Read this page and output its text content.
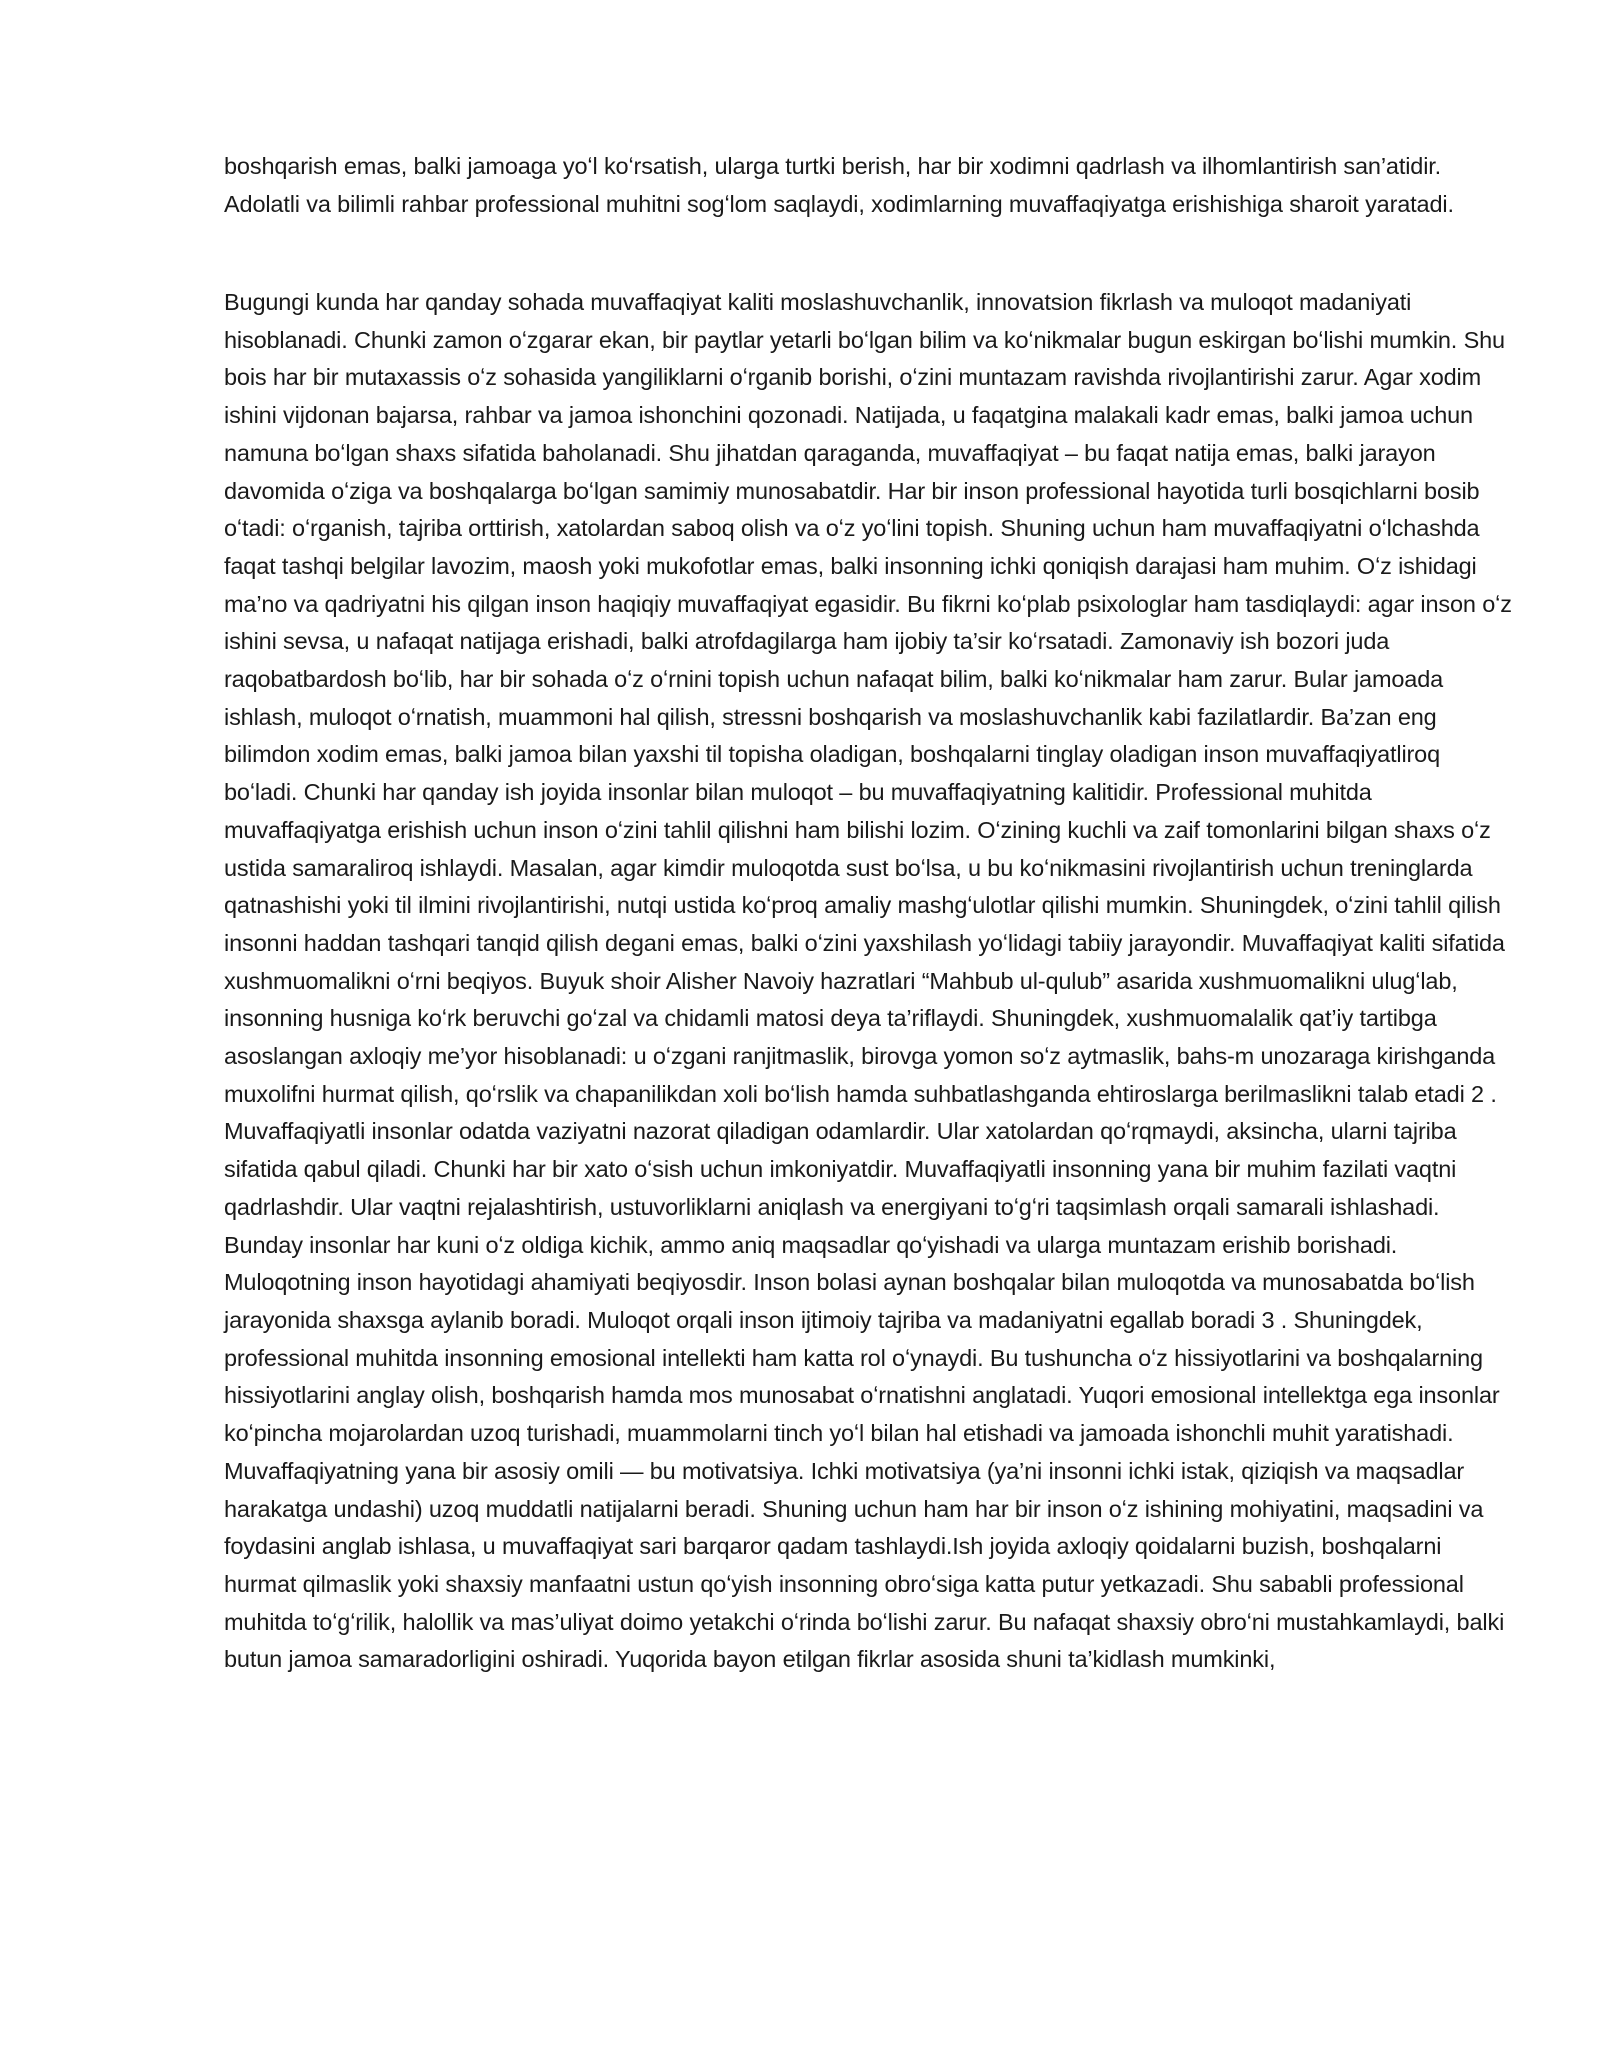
boshqarish emas, balki jamoaga yoʻl koʻrsatish, ularga turtki berish, har bir xodimni qadrlash va ilhomlantirish san’atidir. Adolatli va bilimli rahbar professional muhitni sogʻlom saqlaydi, xodimlarning muvaffaqiyatga erishishiga sharoit yaratadi.

Bugungi kunda har qanday sohada muvaffaqiyat kaliti moslashuvchanlik, innovatsion fikrlash va muloqot madaniyati hisoblanadi. Chunki zamon oʻzgarar ekan, bir paytlar yetarli boʻlgan bilim va koʻnikmalar bugun eskirgan boʻlishi mumkin. Shu bois har bir mutaxassis oʻz sohasida yangiliklarni oʻrganib borishi, oʻzini muntazam ravishda rivojlantirishi zarur. Agar xodim ishini vijdonan bajarsa, rahbar va jamoa ishonchini qozonadi. Natijada, u faqatgina malakali kadr emas, balki jamoa uchun namuna boʻlgan shaxs sifatida baholanadi. Shu jihatdan qaraganda, muvaffaqiyat – bu faqat natija emas, balki jarayon davomida oʻziga va boshqalarga boʻlgan samimiy munosabatdir. Har bir inson professional hayotida turli bosqichlarni bosib oʻtadi: oʻrganish, tajriba orttirish, xatolardan saboq olish va oʻz yoʻlini topish. Shuning uchun ham muvaffaqiyatni oʻlchashda faqat tashqi belgilar lavozim, maosh yoki mukofotlar emas, balki insonning ichki qoniqish darajasi ham muhim. Oʻz ishidagi ma’no va qadriyatni his qilgan inson haqiqiy muvaffaqiyat egasidir. Bu fikrni koʻplab psixologlar ham tasdiqlaydi: agar inson oʻz ishini sevsa, u nafaqat natijaga erishadi, balki atrofdagilarga ham ijobiy ta’sir koʻrsatadi. Zamonaviy ish bozori juda raqobatbardosh boʻlib, har bir sohada oʻz oʻrnini topish uchun nafaqat bilim, balki koʻnikmalar ham zarur. Bular jamoada ishlash, muloqot oʻrnatish, muammoni hal qilish, stressni boshqarish va moslashuvchanlik kabi fazilatlardir. Ba’zan eng bilimdon xodim emas, balki jamoa bilan yaxshi til topisha oladigan, boshqalarni tinglay oladigan inson muvaffaqiyatliroq boʻladi. Chunki har qanday ish joyida insonlar bilan muloqot – bu muvaffaqiyatning kalitidir. Professional muhitda muvaffaqiyatga erishish uchun inson oʻzini tahlil qilishni ham bilishi lozim. Oʻzining kuchli va zaif tomonlarini bilgan shaxs oʻz ustida samaraliroq ishlaydi. Masalan, agar kimdir muloqotda sust boʻlsa, u bu koʻnikmasini rivojlantirish uchun treninglarda qatnashishi yoki til ilmini rivojlantirishi, nutqi ustida koʻproq amaliy mashgʻulotlar qilishi mumkin. Shuningdek, oʻzini tahlil qilish insonni haddan tashqari tanqid qilish degani emas, balki oʻzini yaxshilash yoʻlidagi tabiiy jarayondir. Muvaffaqiyat kaliti sifatida xushmuomalikni oʻrni beqiyos. Buyuk shoir Alisher Navoiy hazratlari “Mahbub ul-qulub” asarida xushmuomalikni ulugʻlab, insonning husniga koʻrk beruvchi goʻzal va chidamli matosi deya ta’riflaydi. Shuningdek, xushmuomalalik qat’iy tartibga asoslangan axloqiy me’yor hisoblanadi: u oʻzgani ranjitmaslik, birovga yomon soʻz aytmaslik, bahs-m unozaraga kirishganda muxolifni hurmat qilish, qoʻrslik va chapanilikdan xoli boʻlish hamda suhbatlashganda ehtiroslarga berilmaslikni talab etadi 2 . Muvaffaqiyatli insonlar odatda vaziyatni nazorat qiladigan odamlardir. Ular xatolardan qoʻrqmaydi, aksincha, ularni tajriba sifatida qabul qiladi. Chunki har bir xato oʻsish uchun imkoniyatdir. Muvaffaqiyatli insonning yana bir muhim fazilati vaqtni qadrlashdir. Ular vaqtni rejalashtirish, ustuvorliklarni aniqlash va energiyani toʻgʻri taqsimlash orqali samarali ishlashadi. Bunday insonlar har kuni oʻz oldiga kichik, ammo aniq maqsadlar qoʻyishadi va ularga muntazam erishib borishadi. Muloqotning inson hayotidagi ahamiyati beqiyosdir. Inson bolasi aynan boshqalar bilan muloqotda va munosabatda boʻlish jarayonida shaxsga aylanib boradi. Muloqot orqali inson ijtimoiy tajriba va madaniyatni egallab boradi 3 . Shuningdek, professional muhitda insonning emosional intellekti ham katta rol oʻynaydi. Bu tushuncha oʻz hissiyotlarini va boshqalarning hissiyotlarini anglay olish, boshqarish hamda mos munosabat oʻrnatishni anglatadi. Yuqori emosional intellektga ega insonlar koʻpincha mojarolardan uzoq turishadi, muammolarni tinch yoʻl bilan hal etishadi va jamoada ishonchli muhit yaratishadi. Muvaffaqiyatning yana bir asosiy omili — bu motivatsiya. Ichki motivatsiya (ya’ni insonni ichki istak, qiziqish va maqsadlar harakatga undashi) uzoq muddatli natijalarni beradi. Shuning uchun ham har bir inson oʻz ishining mohiyatini, maqsadini va foydasini anglab ishlasa, u muvaffaqiyat sari barqaror qadam tashlaydi.Ish joyida axloqiy qoidalarni buzish, boshqalarni hurmat qilmaslik yoki shaxsiy manfaatni ustun qoʻyish insonning obroʻsiga katta putur yetkazadi. Shu sababli professional muhitda toʻgʻrilik, halollik va mas’uliyat doimo yetakchi oʻrinda boʻlishi zarur. Bu nafaqat shaxsiy obroʻni mustahkamlaydi, balki butun jamoa samaradorligini oshiradi. Yuqorida bayon etilgan fikrlar asosida shuni ta’kidlash mumkinki,
